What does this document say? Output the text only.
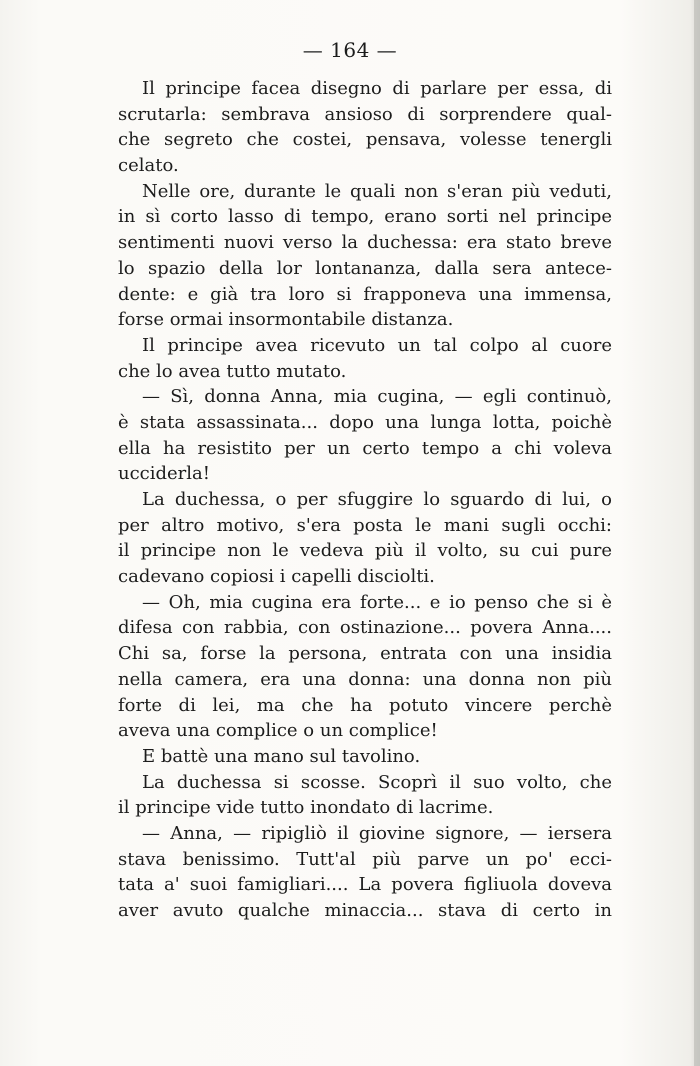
— 164 —
Il principe facea disegno di parlare per essa, di
scrutarla: sembrava ansioso di sorprendere qual-
che segreto che costei, pensava, volesse tenergli
celato.
Nelle ore, durante le quali non s'eran più veduti,
in sì corto lasso di tempo, erano sorti nel principe
sentimenti nuovi verso la duchessa: era stato breve
lo spazio della lor lontananza, dalla sera antece-
dente: e già tra loro si frapponeva una immensa,
forse ormai insormontabile distanza.
Il principe avea ricevuto un tal colpo al cuore
che lo avea tutto mutato.
— Sì, donna Anna, mia cugina, — egli continuò,
è stata assassinata... dopo una lunga lotta, poichè
ella ha resistito per un certo tempo a chi voleva
ucciderla!
La duchessa, o per sfuggire lo sguardo di lui, o
per altro motivo, s'era posta le mani sugli occhi:
il principe non le vedeva più il volto, su cui pure
cadevano copiosi i capelli disciolti.
— Oh, mia cugina era forte... e io penso che si è
difesa con rabbia, con ostinazione... povera Anna....
Chi sa, forse la persona, entrata con una insidia
nella camera, era una donna: una donna non più
forte di lei, ma che ha potuto vincere perchè
aveva una complice o un complice!
E battè una mano sul tavolino.
La duchessa si scosse. Scoprì il suo volto, che
il principe vide tutto inondato di lacrime.
— Anna, — ripigliò il giovine signore, — iersera
stava benissimo. Tutt'al più parve un po' ecci-
tata a' suoi famigliari.... La povera figliuola doveva
aver avuto qualche minaccia... stava di certo in
